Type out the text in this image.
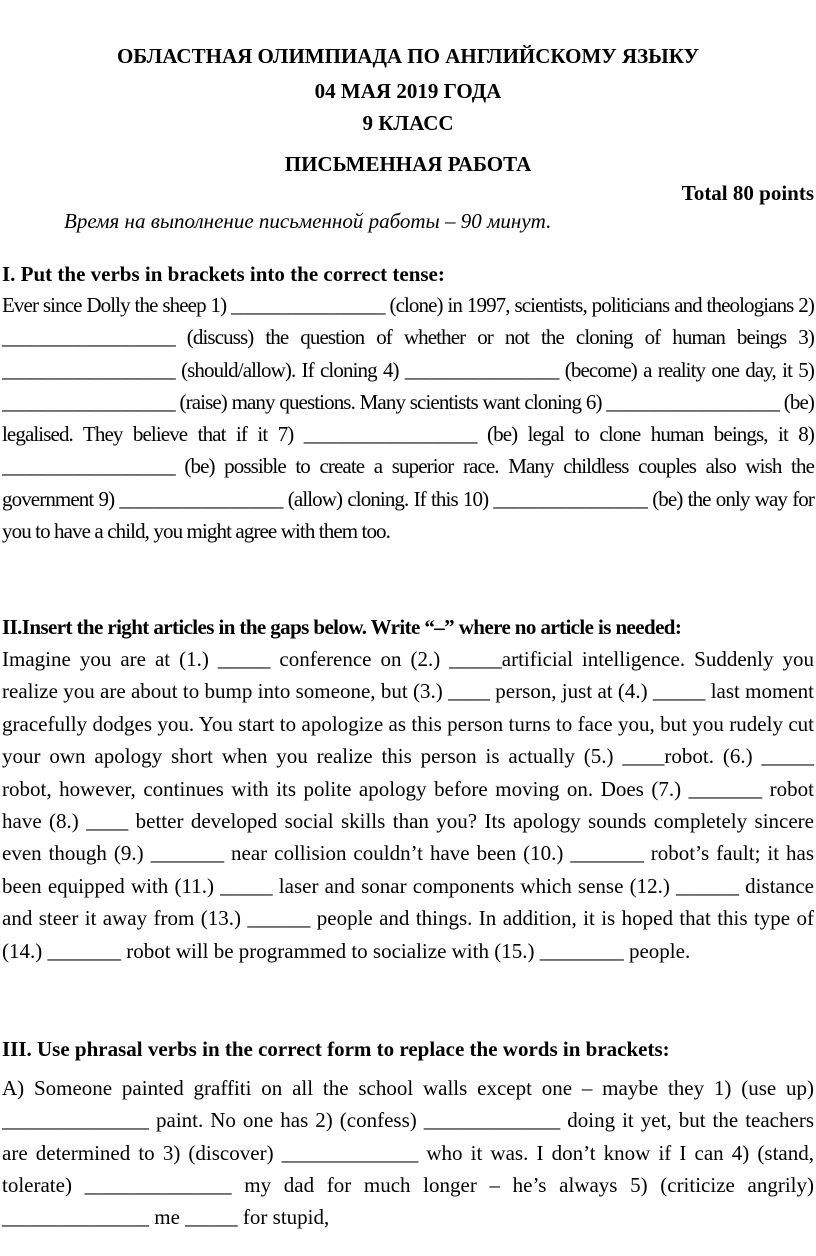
ОБЛАСТНАЯ ОЛИМПИАДА ПО АНГЛИЙСКОМУ ЯЗЫКУ
04 МАЯ 2019 ГОДА
9 КЛАСС
ПИСЬМЕННАЯ РАБОТА
Total 80 points
Время на выполнение письменной работы – 90 минут.
I. Put the verbs in brackets into the correct tense:
Ever since Dolly the sheep 1) ________________ (clone) in 1997, scientists, politicians and theologians 2) __________________ (discuss) the question of whether or not the cloning of human beings 3) __________________ (should/allow). If cloning 4) ________________ (become) a reality one day, it 5) __________________ (raise) many questions. Many scientists want cloning 6) __________________ (be) legalised. They believe that if it 7) __________________ (be) legal to clone human beings, it 8) __________________ (be) possible to create a superior race. Many childless couples also wish the government 9) _________________ (allow) cloning. If this 10) ________________ (be) the only way for you to have a child, you might agree with them too.
II.Insert the right articles in the gaps below. Write “–” where no article is needed:
Imagine you are at (1.) _____ conference on (2.) _____artificial intelligence. Suddenly you realize you are about to bump into someone, but (3.) ____ person, just at (4.) _____ last moment gracefully dodges you. You start to apologize as this person turns to face you, but you rudely cut your own apology short when you realize this person is actually (5.) ____robot. (6.) _____ robot, however, continues with its polite apology before moving on. Does (7.) _______ robot have (8.) ____ better developed social skills than you? Its apology sounds completely sincere even though (9.) _______ near collision couldn’t have been (10.) _______ robot’s fault; it has been equipped with (11.) _____ laser and sonar components which sense (12.) ______ distance and steer it away from (13.) ______ people and things. In addition, it is hoped that this type of (14.) _______ robot will be programmed to socialize with (15.) ________ people.
III. Use phrasal verbs in the correct form to replace the words in brackets:
A) Someone painted graffiti on all the school walls except one – maybe they 1) (use up) ______________ paint. No one has 2) (confess) _____________ doing it yet, but the teachers are determined to 3) (discover) _____________ who it was. I don’t know if I can 4) (stand, tolerate) ______________ my dad for much longer – he’s always 5) (criticize angrily) ______________ me _____ for stupid,
